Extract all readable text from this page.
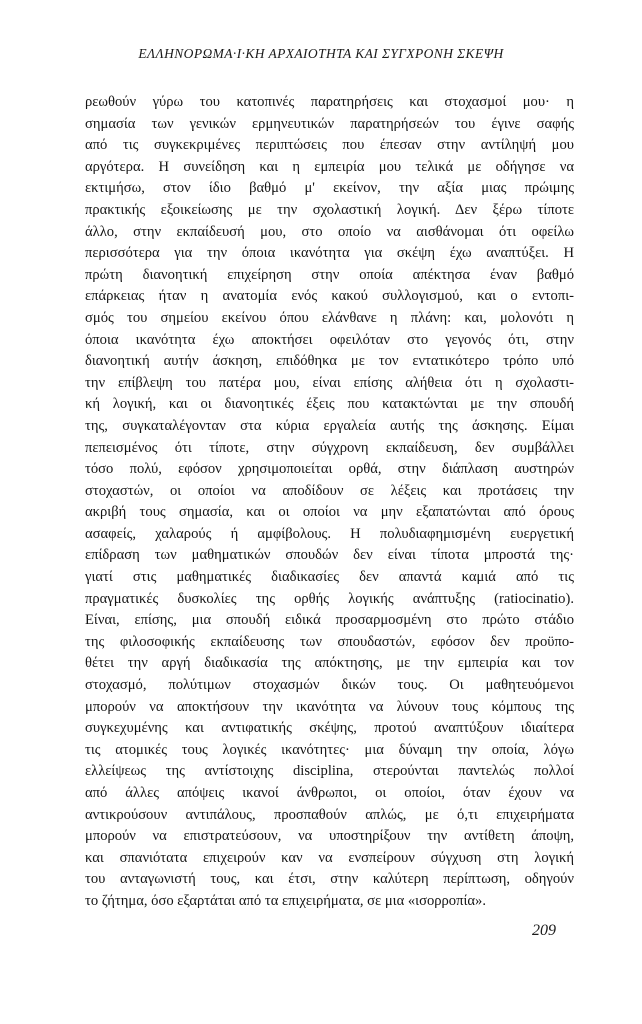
ΕΛΛΗΝΟΡΩΜΑ·Ι·ΚΗ ΑΡΧΑΙΟΤΗΤΑ ΚΑΙ ΣΥΓΧΡΟΝΗ ΣΚΕΨΗ
ρεωθούν γύρω του κατοπινές παρατηρήσεις και στοχασμοί μου· η
σημασία των γενικών ερμηνευτικών παρατηρήσεών του έγινε σαφής
από τις συγκεκριμένες περιπτώσεις που έπεσαν στην αντίληψή μου
αργότερα. Η συνείδηση και η εμπειρία μου τελικά με οδήγησε να
εκτιμήσω, στον ίδιο βαθμό μ' εκείνον, την αξία μιας πρώιμης
πρακτικής εξοικείωσης με την σχολαστική λογική. Δεν ξέρω τίποτε
άλλο, στην εκπαίδευσή μου, στο οποίο να αισθάνομαι ότι οφείλω
περισσότερα για την όποια ικανότητα για σκέψη έχω αναπτύξει. Η
πρώτη διανοητική επιχείρηση στην οποία απέκτησα έναν βαθμό
επάρκειας ήταν η ανατομία ενός κακού συλλογισμού, και ο εντοπι-
σμός του σημείου εκείνου όπου ελάνθανε η πλάνη: και, μολονότι η
όποια ικανότητα έχω αποκτήσει οφειλόταν στο γεγονός ότι, στην
διανοητική αυτήν άσκηση, επιδόθηκα με τον εντατικότερο τρόπο υπό
την επίβλεψη του πατέρα μου, είναι επίσης αλήθεια ότι η σχολαστι-
κή λογική, και οι διανοητικές έξεις που κατακτώνται με την σπουδή
της, συγκαταλέγονταν στα κύρια εργαλεία αυτής της άσκησης. Είμαι
πεπεισμένος ότι τίποτε, στην σύγχρονη εκπαίδευση, δεν συμβάλλει
τόσο πολύ, εφόσον χρησιμοποιείται ορθά, στην διάπλαση αυστηρών
στοχαστών, οι οποίοι να αποδίδουν σε λέξεις και προτάσεις την
ακριβή τους σημασία, και οι οποίοι να μην εξαπατώνται από όρους
ασαφείς, χαλαρούς ή αμφίβολους. Η πολυδιαφημισμένη ευεργετική
επίδραση των μαθηματικών σπουδών δεν είναι τίποτα μπροστά της·
γιατί στις μαθηματικές διαδικασίες δεν απαντά καμιά από τις
πραγματικές δυσκολίες της ορθής λογικής ανάπτυξης (ratiocinatio).
Είναι, επίσης, μια σπουδή ειδικά προσαρμοσμένη στο πρώτο στάδιο
της φιλοσοφικής εκπαίδευσης των σπουδαστών, εφόσον δεν προϋπο-
θέτει την αργή διαδικασία της απόκτησης, με την εμπειρία και τον
στοχασμό, πολύτιμων στοχασμών δικών τους. Οι μαθητευόμενοι
μπορούν να αποκτήσουν την ικανότητα να λύνουν τους κόμπους της
συγκεχυμένης και αντιφατικής σκέψης, προτού αναπτύξουν ιδιαίτερα
τις ατομικές τους λογικές ικανότητες· μια δύναμη την οποία, λόγω
ελλείψεως της αντίστοιχης disciplina, στερούνται παντελώς πολλοί
από άλλες απόψεις ικανοί άνθρωποι, οι οποίοι, όταν έχουν να
αντικρούσουν αντιπάλους, προσπαθούν απλώς, με ό,τι επιχειρήματα
μπορούν να επιστρατεύσουν, να υποστηρίξουν την αντίθετη άποψη,
και σπανιότατα επιχειρούν καν να ενσπείρουν σύγχυση στη λογική
του ανταγωνιστή τους, και έτσι, στην καλύτερη περίπτωση, οδηγούν
το ζήτημα, όσο εξαρτάται από τα επιχειρήματα, σε μια «ισορροπία».
209
